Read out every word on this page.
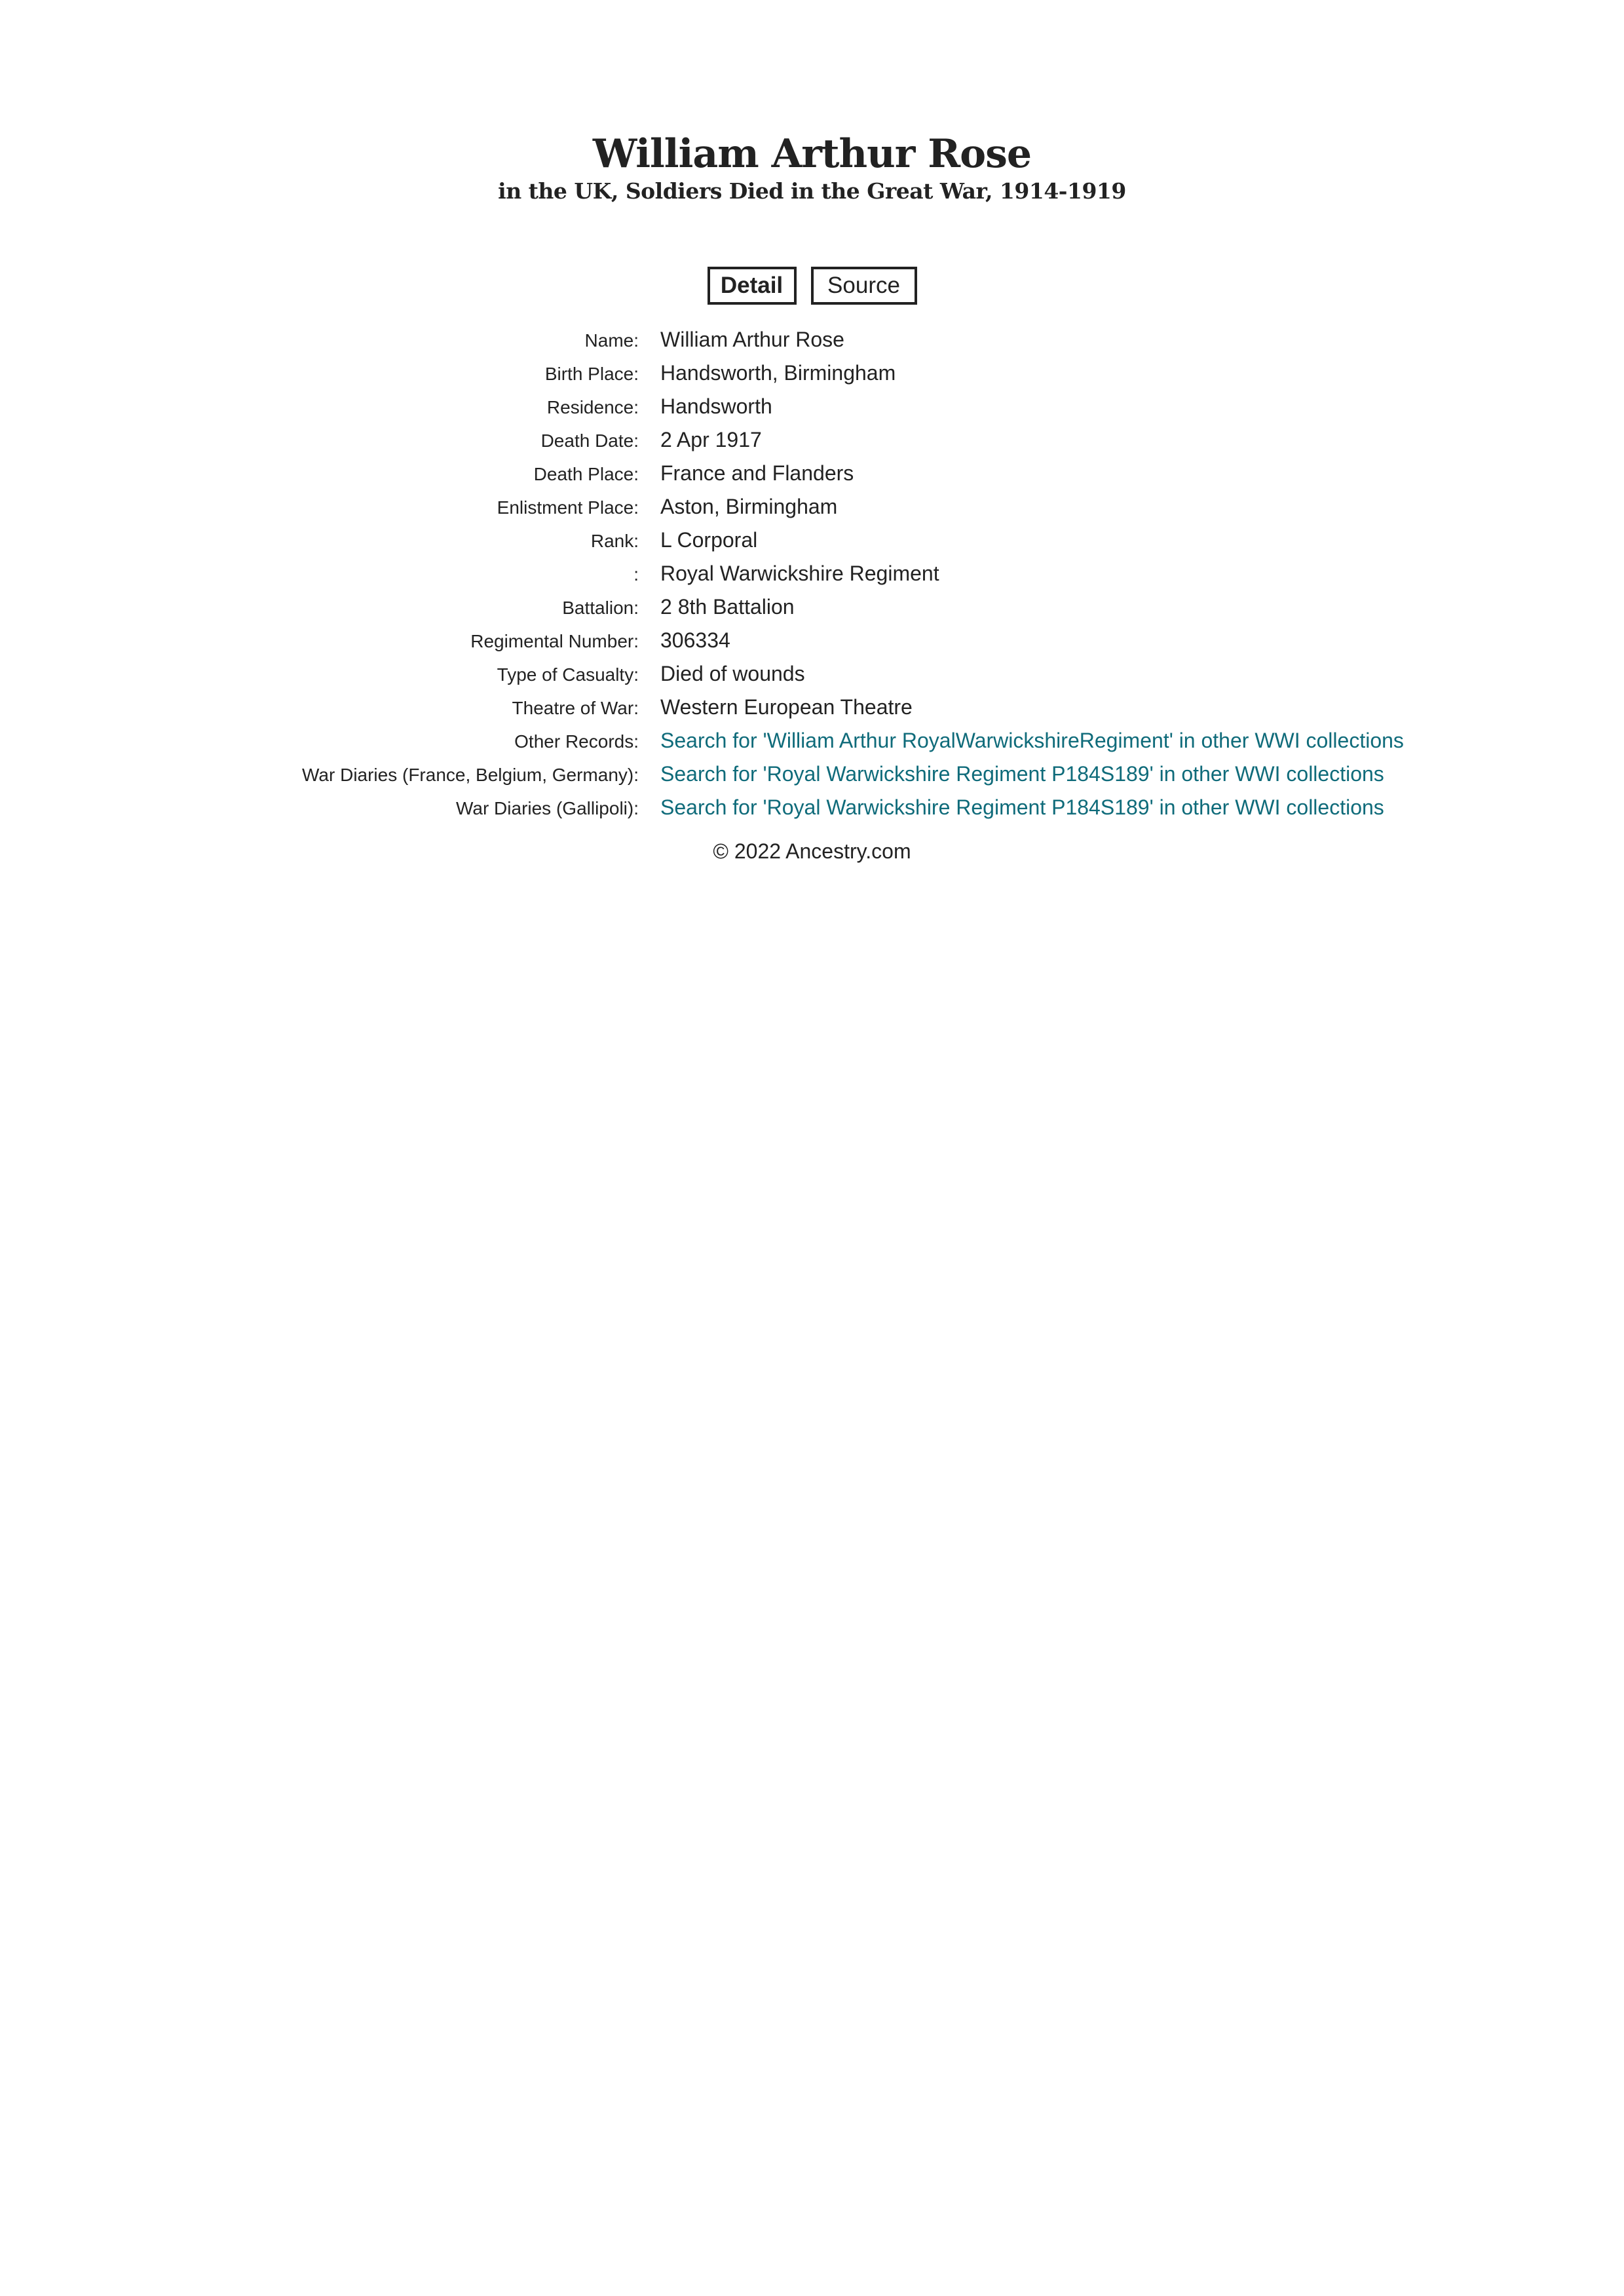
William Arthur Rose
in the UK, Soldiers Died in the Great War, 1914-1919
Detail	Source
Name: William Arthur Rose
Birth Place: Handsworth, Birmingham
Residence: Handsworth
Death Date: 2 Apr 1917
Death Place: France and Flanders
Enlistment Place: Aston, Birmingham
Rank: L Corporal
: Royal Warwickshire Regiment
Battalion: 2 8th Battalion
Regimental Number: 306334
Type of Casualty: Died of wounds
Theatre of War: Western European Theatre
Other Records: Search for 'William Arthur RoyalWarwickshireRegiment' in other WWI collections
War Diaries (France, Belgium, Germany): Search for 'Royal Warwickshire Regiment P184S189' in other WWI collections
War Diaries (Gallipoli): Search for 'Royal Warwickshire Regiment P184S189' in other WWI collections
© 2022 Ancestry.com
